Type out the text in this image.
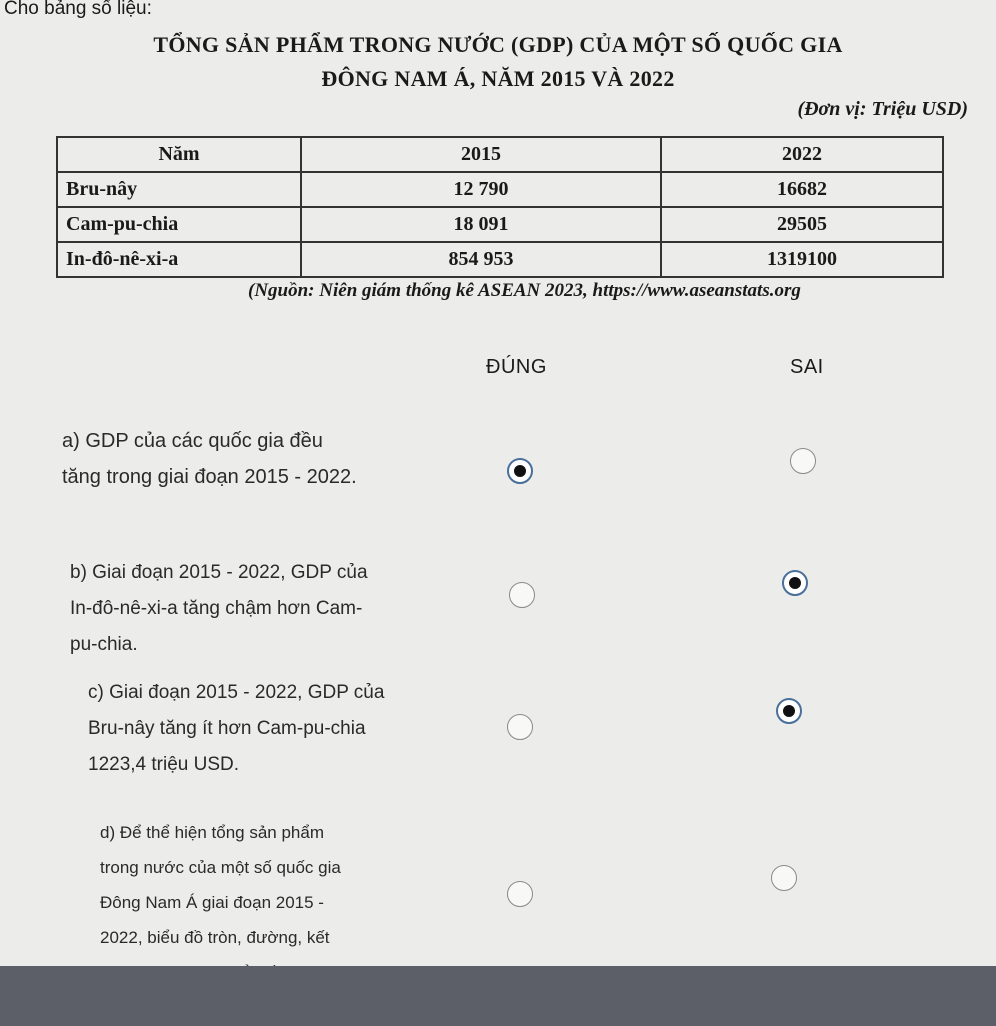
Cho bảng số liệu:
TỔNG SẢN PHẨM TRONG NƯỚC (GDP) CỦA MỘT SỐ QUỐC GIA
ĐÔNG NAM Á, NĂM 2015 VÀ 2022
(Đơn vị: Triệu USD)
Năm	2015	2022
Bru-nây	12 790	16682
Cam-pu-chia	18 091	29505
In-đô-nê-xi-a	854 953	1319100
(Nguồn: Niên giám thống kê ASEAN 2023, https://www.aseanstats.org
ĐÚNG	SAI
a) GDP của các quốc gia đều tăng trong giai đoạn 2015 - 2022.
b) Giai đoạn 2015 - 2022, GDP của In-đô-nê-xi-a tăng chậm hơn Cam-pu-chia.
c) Giai đoạn 2015 - 2022, GDP của Bru-nây tăng ít hơn Cam-pu-chia 1223,4 triệu USD.
d) Để thể hiện tổng sản phẩm trong nước của một số quốc gia Đông Nam Á giai đoạn 2015 - 2022, biểu đồ tròn, đường, kết
